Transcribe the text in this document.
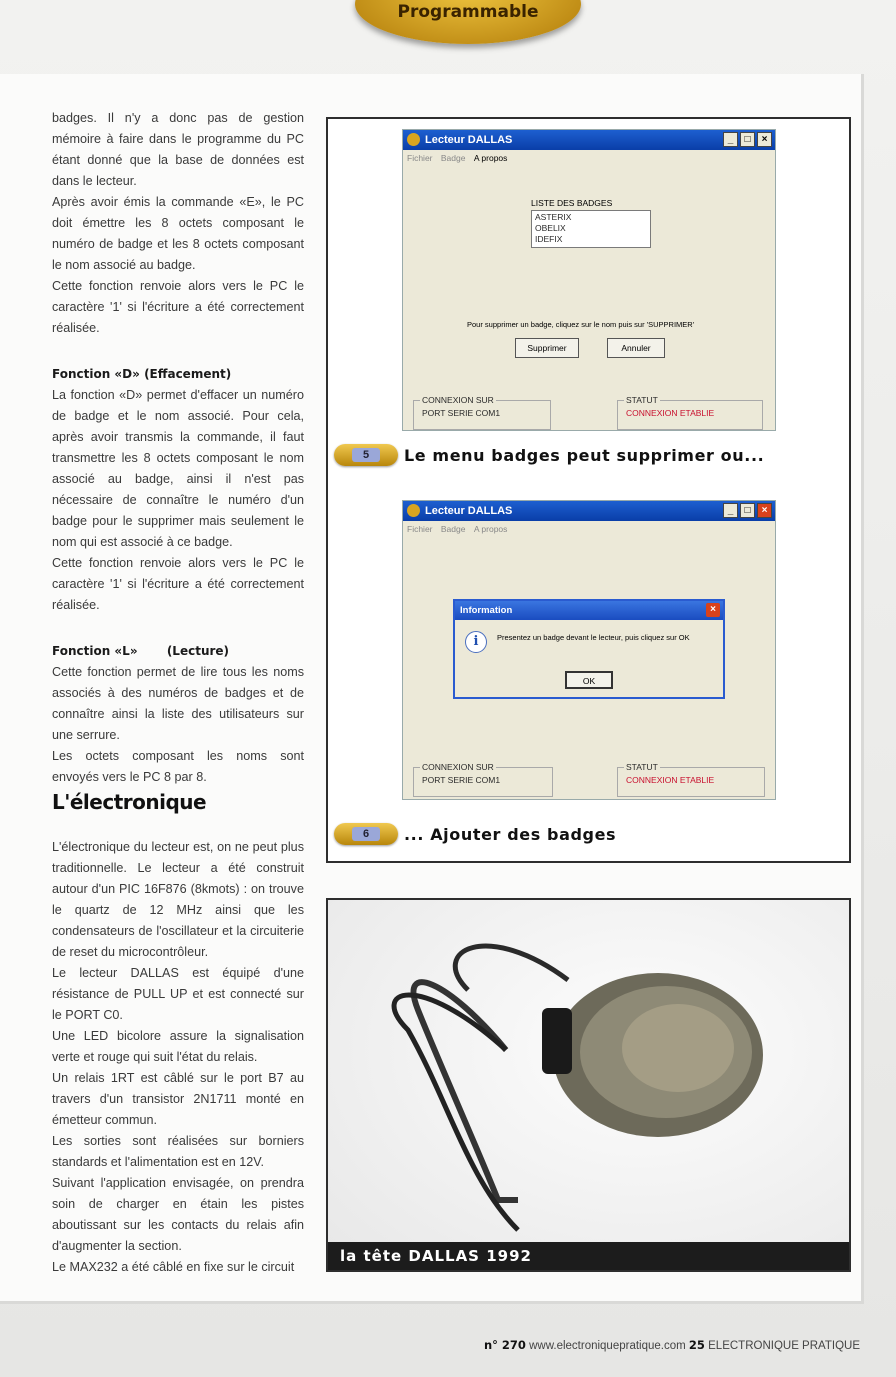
Programmable

badges. Il n'y a donc pas de gestion mémoire à faire dans le programme du PC étant donné que la base de données est dans le lecteur.

Après avoir émis la commande «E», le PC doit émettre les 8 octets composant le numéro de badge et les 8 octets composant le nom associé au badge.

Cette fonction renvoie alors vers le PC le caractère '1' si l'écriture a été correctement réalisée.

Fonction «D» (Effacement)

La fonction «D» permet d'effacer un numéro de badge et le nom associé. Pour cela, après avoir transmis la commande, il faut transmettre les 8 octets composant le nom associé au badge, ainsi il n'est pas nécessaire de connaître le numéro d'un badge pour le supprimer mais seulement le nom qui est associé à ce badge.

Cette fonction renvoie alors vers le PC le caractère '1' si l'écriture a été correctement réalisée.

Fonction «L»       (Lecture)

Cette fonction permet de lire tous les noms associés à des numéros de badges et de connaître ainsi la liste des utilisateurs sur une serrure.

Les octets composant les noms sont envoyés vers le PC 8 par 8.

L'électronique

L'électronique du lecteur est, on ne peut plus traditionnelle. Le lecteur a été construit autour d'un PIC 16F876 (8kmots) : on trouve le quartz de 12 MHz ainsi que les condensateurs de l'oscillateur et la circuiterie de reset du microcontrôleur.

Le lecteur DALLAS est équipé d'une résistance de PULL UP et est connecté sur le PORT C0.

Une LED bicolore assure la signalisation verte et rouge qui suit l'état du relais.

Un relais 1RT est câblé sur le port B7 au travers d'un transistor 2N1711 monté en émetteur commun.

Les sorties sont réalisées sur borniers standards et l'alimentation est en 12V.

Suivant l'application envisagée, on prendra soin de charger en étain les pistes aboutissant sur les contacts du relais afin d'augmenter la section.

Le MAX232 a été câblé en fixe sur le circuit

Lecteur DALLAS	_	□	×
Fichier Badge A propos
LISTE DES BADGES
ASTERIX
OBELIX
IDEFIX
Pour supprimer un badge, cliquez sur le nom puis sur 'SUPPRIMER'
Supprimer	Annuler
CONNEXION SUR
PORT SERIE COM1
STATUT
CONNEXION ETABLIE
5	Le menu badges peut supprimer ou...
Lecteur DALLAS	_	□	×
Fichier Badge A propos
Information	×
i	Presentez un badge devant le lecteur, puis cliquez sur OK
OK
CONNEXION SUR
PORT SERIE COM1
STATUT
CONNEXION ETABLIE
6	... Ajouter des badges
la tête DALLAS 1992
n° 270 www.electroniquepratique.com 25 ELECTRONIQUE PRATIQUE
